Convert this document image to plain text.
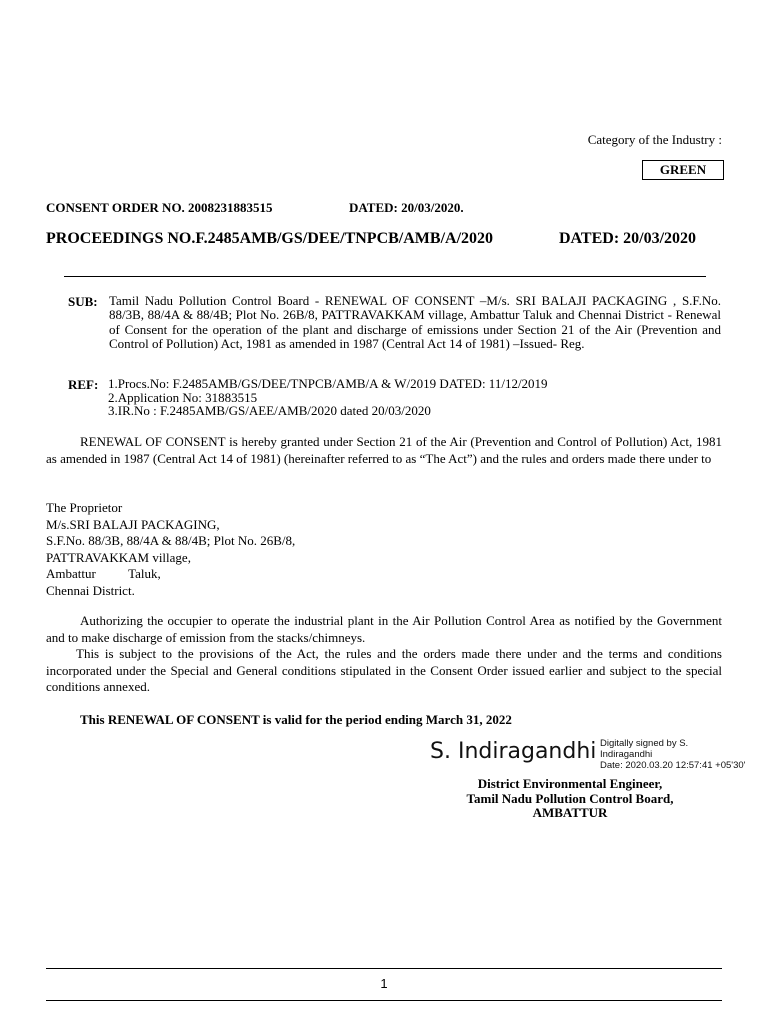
Category of the Industry :
GREEN
CONSENT ORDER NO. 2008231883515	DATED: 20/03/2020.
PROCEEDINGS NO.F.2485AMB/GS/DEE/TNPCB/AMB/A/2020	DATED: 20/03/2020
SUB: Tamil Nadu Pollution Control Board - RENEWAL OF CONSENT –M/s. SRI BALAJI PACKAGING , S.F.No. 88/3B, 88/4A & 88/4B; Plot No. 26B/8, PATTRAVAKKAM village, Ambattur Taluk and Chennai District - Renewal of Consent for the operation of the plant and discharge of emissions under Section 21 of the Air (Prevention and Control of Pollution) Act, 1981 as amended in 1987 (Central Act 14 of 1981) –Issued- Reg.
REF: 1.Procs.No: F.2485AMB/GS/DEE/TNPCB/AMB/A & W/2019 DATED: 11/12/2019
2.Application No: 31883515
3.IR.No : F.2485AMB/GS/AEE/AMB/2020 dated 20/03/2020
RENEWAL OF CONSENT is hereby granted under Section 21 of the Air (Prevention and Control of Pollution) Act, 1981 as amended in 1987 (Central Act 14 of 1981) (hereinafter referred to as “The Act”) and the rules and orders made there under to
The Proprietor
M/s.SRI BALAJI PACKAGING,
S.F.No. 88/3B, 88/4A & 88/4B; Plot No. 26B/8,
PATTRAVAKKAM village,
Ambattur          Taluk,
Chennai District.
Authorizing the occupier to operate the industrial plant in the Air Pollution Control Area as notified by the Government and to make discharge of emission from the stacks/chimneys.
This is subject to the provisions of the Act, the rules and the orders made there under and the terms and conditions incorporated under the Special and General conditions stipulated in the Consent Order issued earlier and subject to the special conditions annexed.
This RENEWAL OF CONSENT is valid for the period ending March 31, 2022
S. Indiragandhi Digitally signed by S.
Indiragandhi
Date: 2020.03.20 12:57:41 +05'30'
District Environmental Engineer,
Tamil Nadu Pollution Control Board,
AMBATTUR
1
